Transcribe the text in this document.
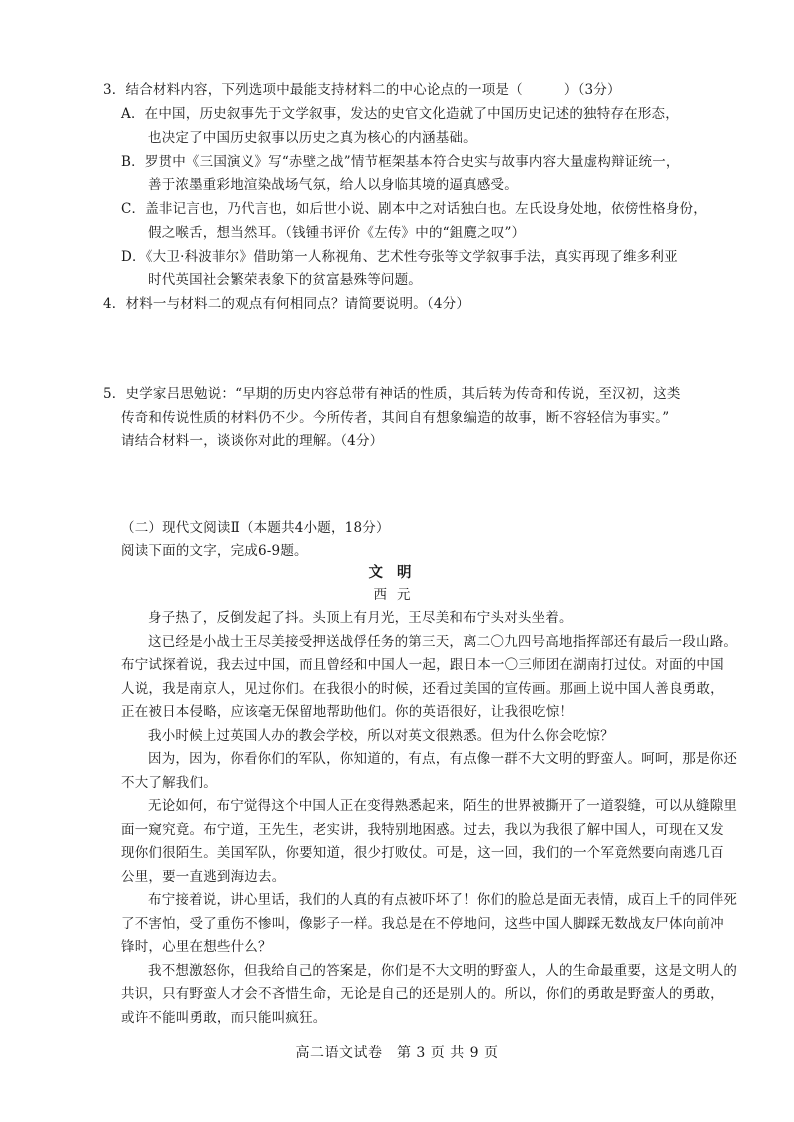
3．结合材料内容，下列选项中最能支持材料二的中心论点的一项是（　　　）（3分）
A．在中国，历史叙事先于文学叙事，发达的史官文化造就了中国历史记述的独特存在形态，
也决定了中国历史叙事以历史之真为核心的内涵基础。
B．罗贯中《三国演义》写“赤壁之战”情节框架基本符合史实与故事内容大量虚构辩证统一，
善于浓墨重彩地渲染战场气氛，给人以身临其境的逼真感受。
C．盖非记言也，乃代言也，如后世小说、剧本中之对话独白也。左氏设身处地，依傍性格身份，
假之喉舌，想当然耳。（钱锺书评价《左传》中的“鉏麑之叹”）
D．《大卫·科波菲尔》借助第一人称视角、艺术性夸张等文学叙事手法，真实再现了维多利亚
时代英国社会繁荣表象下的贫富悬殊等问题。
4．材料一与材料二的观点有何相同点？请简要说明。（4分）
5．史学家吕思勉说：“早期的历史内容总带有神话的性质，其后转为传奇和传说，至汉初，这类
传奇和传说性质的材料仍不少。今所传者，其间自有想象编造的故事，断不容轻信为事实。”
请结合材料一，谈谈你对此的理解。（4分）
（二）现代文阅读Ⅱ（本题共4小题，18分）
阅读下面的文字，完成6-9题。
文明
西元
身子热了，反倒发起了抖。头顶上有月光，王尽美和布宁头对头坐着。
这已经是小战士王尽美接受押送战俘任务的第三天，离二〇九四号高地指挥部还有最后一段山路。
布宁试探着说，我去过中国，而且曾经和中国人一起，跟日本一〇三师团在湖南打过仗。对面的中国
人说，我是南京人，见过你们。在我很小的时候，还看过美国的宣传画。那画上说中国人善良勇敢，
正在被日本侵略，应该毫无保留地帮助他们。你的英语很好，让我很吃惊！
我小时候上过英国人办的教会学校，所以对英文很熟悉。但为什么你会吃惊？
因为，因为，你看你们的军队，你知道的，有点，有点像一群不大文明的野蛮人。呵呵，那是你还
不大了解我们。
无论如何，布宁觉得这个中国人正在变得熟悉起来，陌生的世界被撕开了一道裂缝，可以从缝隙里
面一窥究竟。布宁道，王先生，老实讲，我特别地困惑。过去，我以为我很了解中国人，可现在又发
现你们很陌生。美国军队，你要知道，很少打败仗。可是，这一回，我们的一个军竟然要向南逃几百
公里，要一直逃到海边去。
布宁接着说，讲心里话，我们的人真的有点被吓坏了！你们的脸总是面无表情，成百上千的同伴死
了不害怕，受了重伤不惨叫，像影子一样。我总是在不停地问，这些中国人脚踩无数战友尸体向前冲
锋时，心里在想些什么？
我不想激怒你，但我给自己的答案是，你们是不大文明的野蛮人，人的生命最重要，这是文明人的
共识，只有野蛮人才会不吝惜生命，无论是自己的还是别人的。所以，你们的勇敢是野蛮人的勇敢，
或许不能叫勇敢，而只能叫疯狂。
高二语文试卷　第 3 页 共 9 页
